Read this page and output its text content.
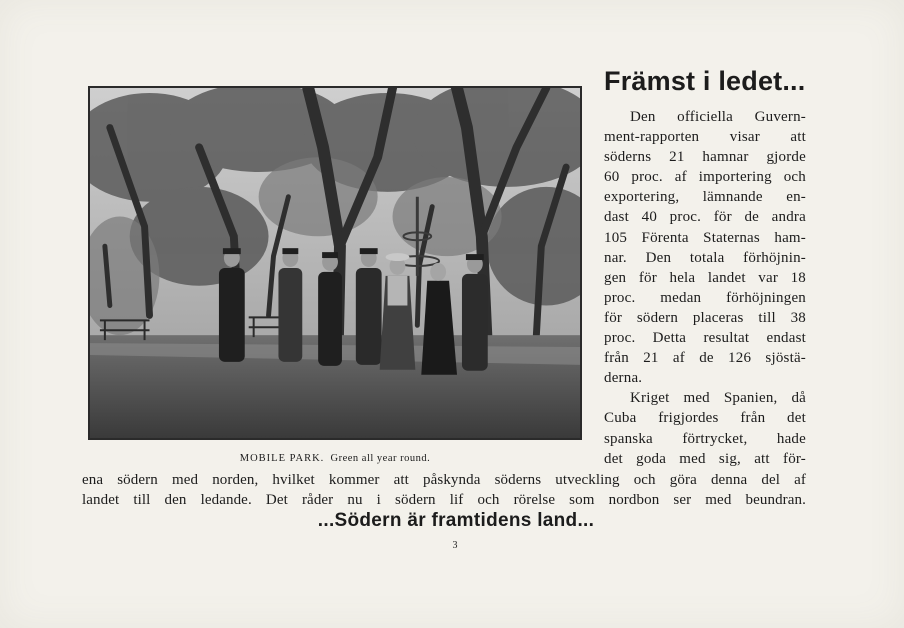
MOBILE PARK. Green all year round.
Främst i ledet...
Den officiella Guvern-
ment-rapporten visar att
söderns 21 hamnar gjorde
60 proc. af importering och
exportering, lämnande en-
dast 40 proc. för de andra
105 Förenta Staternas ham-
nar. Den totala förhöjnin-
gen för hela landet var 18
proc. medan förhöjningen
för södern placeras till 38
proc. Detta resultat endast
från 21 af de 126 sjöstä-
derna.
Kriget med Spanien, då
Cuba frigjordes från det
spanska förtrycket, hade
det goda med sig, att för-
ena södern med norden, hvilket kommer att påskynda söderns utveckling och göra denna del af
landet till den ledande. Det råder nu i södern lif och rörelse som nordbon ser med beundran.
...Södern är framtidens land...
3
